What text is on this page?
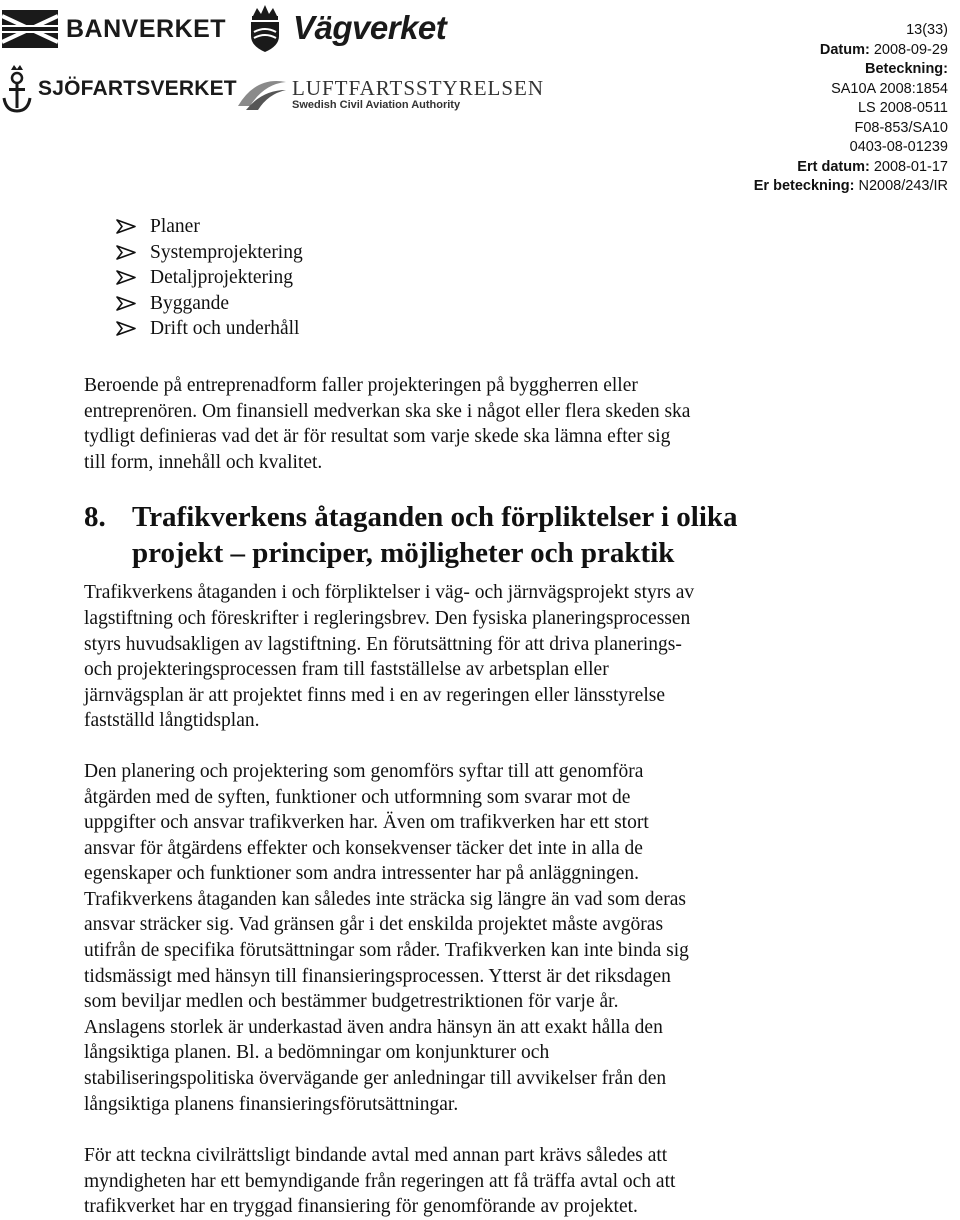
BANVERKET Vägverket
SJÖFARTSVERKET	LUFTFARTSSTYRELSEN
Swedish Civil Aviation Authority
13(33)
Datum: 2008-09-29
Beteckning:
SA10A 2008:1854
LS 2008-0511
F08-853/SA10
0403-08-01239
Ert datum: 2008-01-17
Er beteckning: N2008/243/IR
Planer
Systemprojektering
Detaljprojektering
Byggande
Drift och underhåll

Beroende på entreprenadform faller projekteringen på byggherren eller
entreprenören. Om finansiell medverkan ska ske i något eller flera skeden ska
tydligt definieras vad det är för resultat som varje skede ska lämna efter sig
till form, innehåll och kvalitet.

8. Trafikverkens åtaganden och förpliktelser i olika
projekt – principer, möjligheter och praktik

Trafikverkens åtaganden i och förpliktelser i väg- och järnvägsprojekt styrs av
lagstiftning och föreskrifter i regleringsbrev. Den fysiska planeringsprocessen
styrs huvudsakligen av lagstiftning. En förutsättning för att driva planerings-
och projekteringsprocessen fram till fastställelse av arbetsplan eller
järnvägsplan är att projektet finns med i en av regeringen eller länsstyrelse
fastställd långtidsplan.

Den planering och projektering som genomförs syftar till att genomföra
åtgärden med de syften, funktioner och utformning som svarar mot de
uppgifter och ansvar trafikverken har. Även om trafikverken har ett stort
ansvar för åtgärdens effekter och konsekvenser täcker det inte in alla de
egenskaper och funktioner som andra intressenter har på anläggningen.
Trafikverkens åtaganden kan således inte sträcka sig längre än vad som deras
ansvar sträcker sig. Vad gränsen går i det enskilda projektet måste avgöras
utifrån de specifika förutsättningar som råder. Trafikverken kan inte binda sig
tidsmässigt med hänsyn till finansieringsprocessen. Ytterst är det riksdagen
som beviljar medlen och bestämmer budgetrestriktionen för varje år.
Anslagens storlek är underkastad även andra hänsyn än att exakt hålla den
långsiktiga planen. Bl. a bedömningar om konjunkturer och
stabiliseringspolitiska övervägande ger anledningar till avvikelser från den
långsiktiga planens finansieringsförutsättningar.

För att teckna civilrättsligt bindande avtal med annan part krävs således att
myndigheten har ett bemyndigande från regeringen att få träffa avtal och att
trafikverket har en tryggad finansiering för genomförande av projektet.
